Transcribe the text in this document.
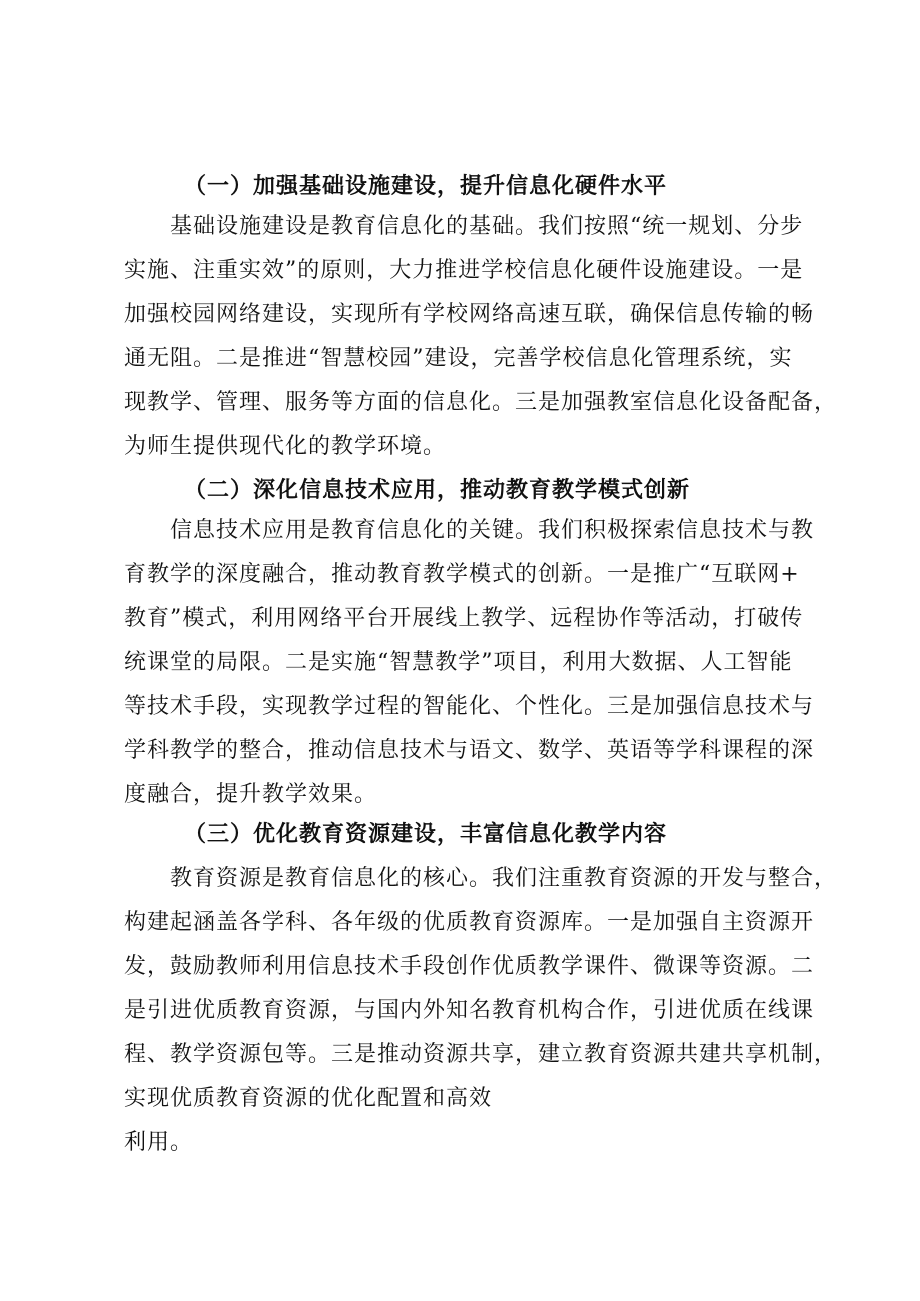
（一）加强基础设施建设，提升信息化硬件水平
基础设施建设是教育信息化的基础。我们按照“统一规划、分步
实施、注重实效”的原则，大力推进学校信息化硬件设施建设。一是
加强校园网络建设，实现所有学校网络高速互联，确保信息传输的畅
通无阻。二是推进“智慧校园”建设，完善学校信息化管理系统，实
现教学、管理、服务等方面的信息化。三是加强教室信息化设备配备，
为师生提供现代化的教学环境。
（二）深化信息技术应用，推动教育教学模式创新
信息技术应用是教育信息化的关键。我们积极探索信息技术与教
育教学的深度融合，推动教育教学模式的创新。一是推广“互联网+
教育”模式，利用网络平台开展线上教学、远程协作等活动，打破传
统课堂的局限。二是实施“智慧教学”项目，利用大数据、人工智能
等技术手段，实现教学过程的智能化、个性化。三是加强信息技术与
学科教学的整合，推动信息技术与语文、数学、英语等学科课程的深
度融合，提升教学效果。
（三）优化教育资源建设，丰富信息化教学内容
教育资源是教育信息化的核心。我们注重教育资源的开发与整合，
构建起涵盖各学科、各年级的优质教育资源库。一是加强自主资源开
发，鼓励教师利用信息技术手段创作优质教学课件、微课等资源。二
是引进优质教育资源，与国内外知名教育机构合作，引进优质在线课
程、教学资源包等。三是推动资源共享，建立教育资源共建共享机制，
实现优质教育资源的优化配置和高效
利用。
